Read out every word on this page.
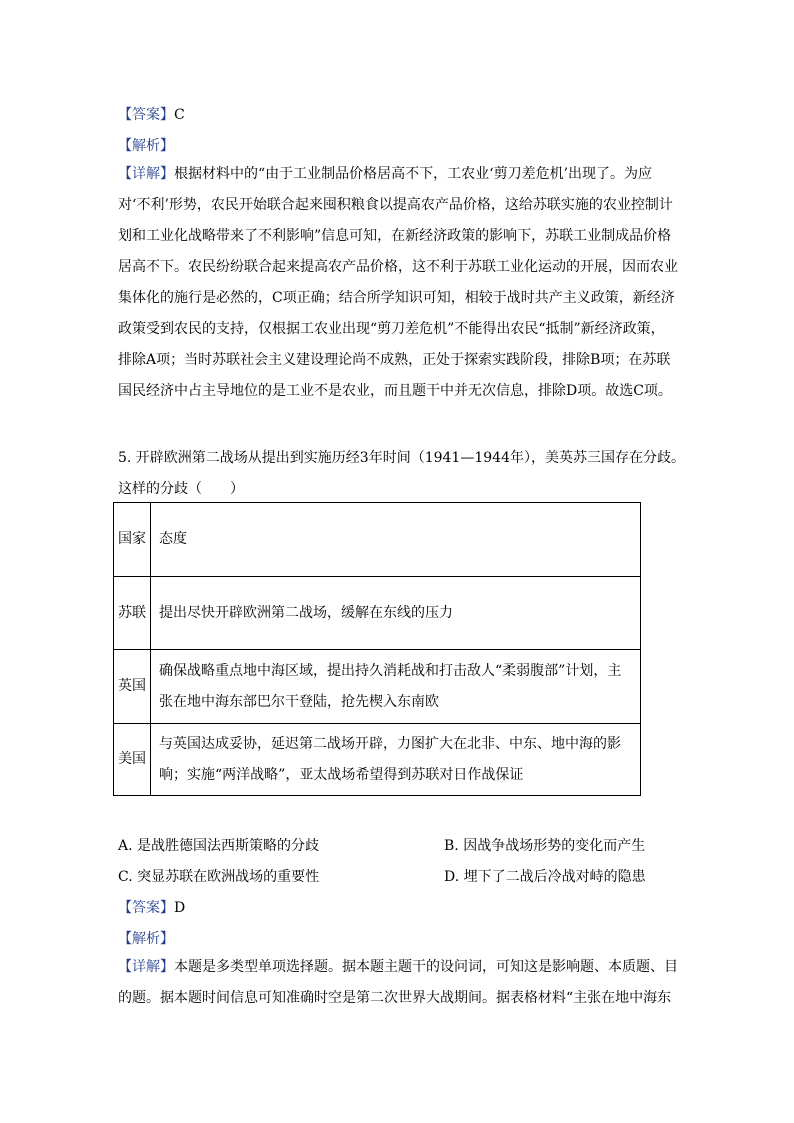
【答案】C
【解析】
【详解】根据材料中的“由于工业制品价格居高不下，工农业‘剪刀差危机’出现了。为应对‘不利’形势，农民开始联合起来囤积粮食以提高农产品价格，这给苏联实施的农业控制计划和工业化战略带来了不利影响”信息可知，在新经济政策的影响下，苏联工业制成品价格居高不下。农民纷纷联合起来提高农产品价格，这不利于苏联工业化运动的开展，因而农业集体化的施行是必然的，C项正确；结合所学知识可知，相较于战时共产主义政策，新经济政策受到农民的支持，仅根据工农业出现“剪刀差危机”不能得出农民“抵制”新经济政策，排除A项；当时苏联社会主义建设理论尚不成熟，正处于探索实践阶段，排除B项；在苏联国民经济中占主导地位的是工业不是农业，而且题干中并无次信息，排除D项。故选C项。
5. 开辟欧洲第二战场从提出到实施历经3年时间（1941—1944年），美英苏三国存在分歧。
这样的分歧（　　）
国家	态度
苏联	提出尽快开辟欧洲第二战场，缓解在东线的压力
英国	确保战略重点地中海区域，提出持久消耗战和打击敌人“柔弱腹部”计划，主张在地中海东部巴尔干登陆，抢先楔入东南欧
美国	与英国达成妥协，延迟第二战场开辟，力图扩大在北非、中东、地中海的影响；实施“两洋战略”，亚太战场希望得到苏联对日作战保证
A. 是战胜德国法西斯策略的分歧	B. 因战争战场形势的变化而产生
C. 突显苏联在欧洲战场的重要性	D. 埋下了二战后冷战对峙的隐患
【答案】D
【解析】
【详解】本题是多类型单项选择题。据本题主题干的设问词，可知这是影响题、本质题、目的题。据本题时间信息可知准确时空是第二次世界大战期间。据表格材料“主张在地中海东
